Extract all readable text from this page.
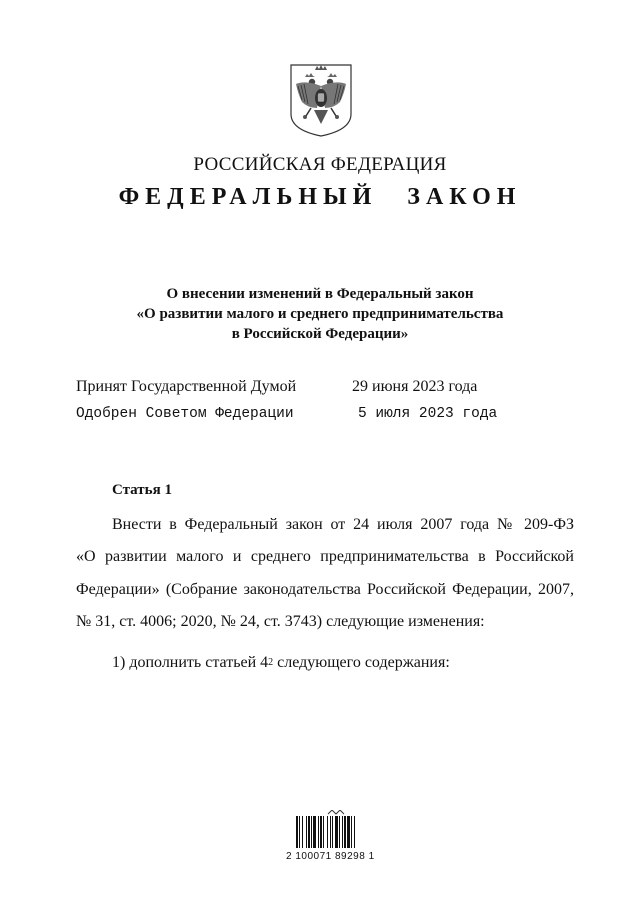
РОССИЙСКАЯ ФЕДЕРАЦИЯ
ФЕДЕРАЛЬНЫЙ ЗАКОН
О внесении изменений в Федеральный закон
«О развитии малого и среднего предпринимательства
в Российской Федерации»
Принят Государственной Думой	29 июня 2023 года
Одобрен Советом Федерации	5 июля 2023 года
Статья 1
Внести в Федеральный закон от 24 июля 2007 года № 209-ФЗ
«О развитии малого и среднего предпринимательства в Российской
Федерации» (Собрание законодательства Российской Федерации, 2007,
№ 31, ст. 4006; 2020, № 24, ст. 3743) следующие изменения:
1) дополнить статьей $4^2$ следующего содержания:
2 100071 89298 1
